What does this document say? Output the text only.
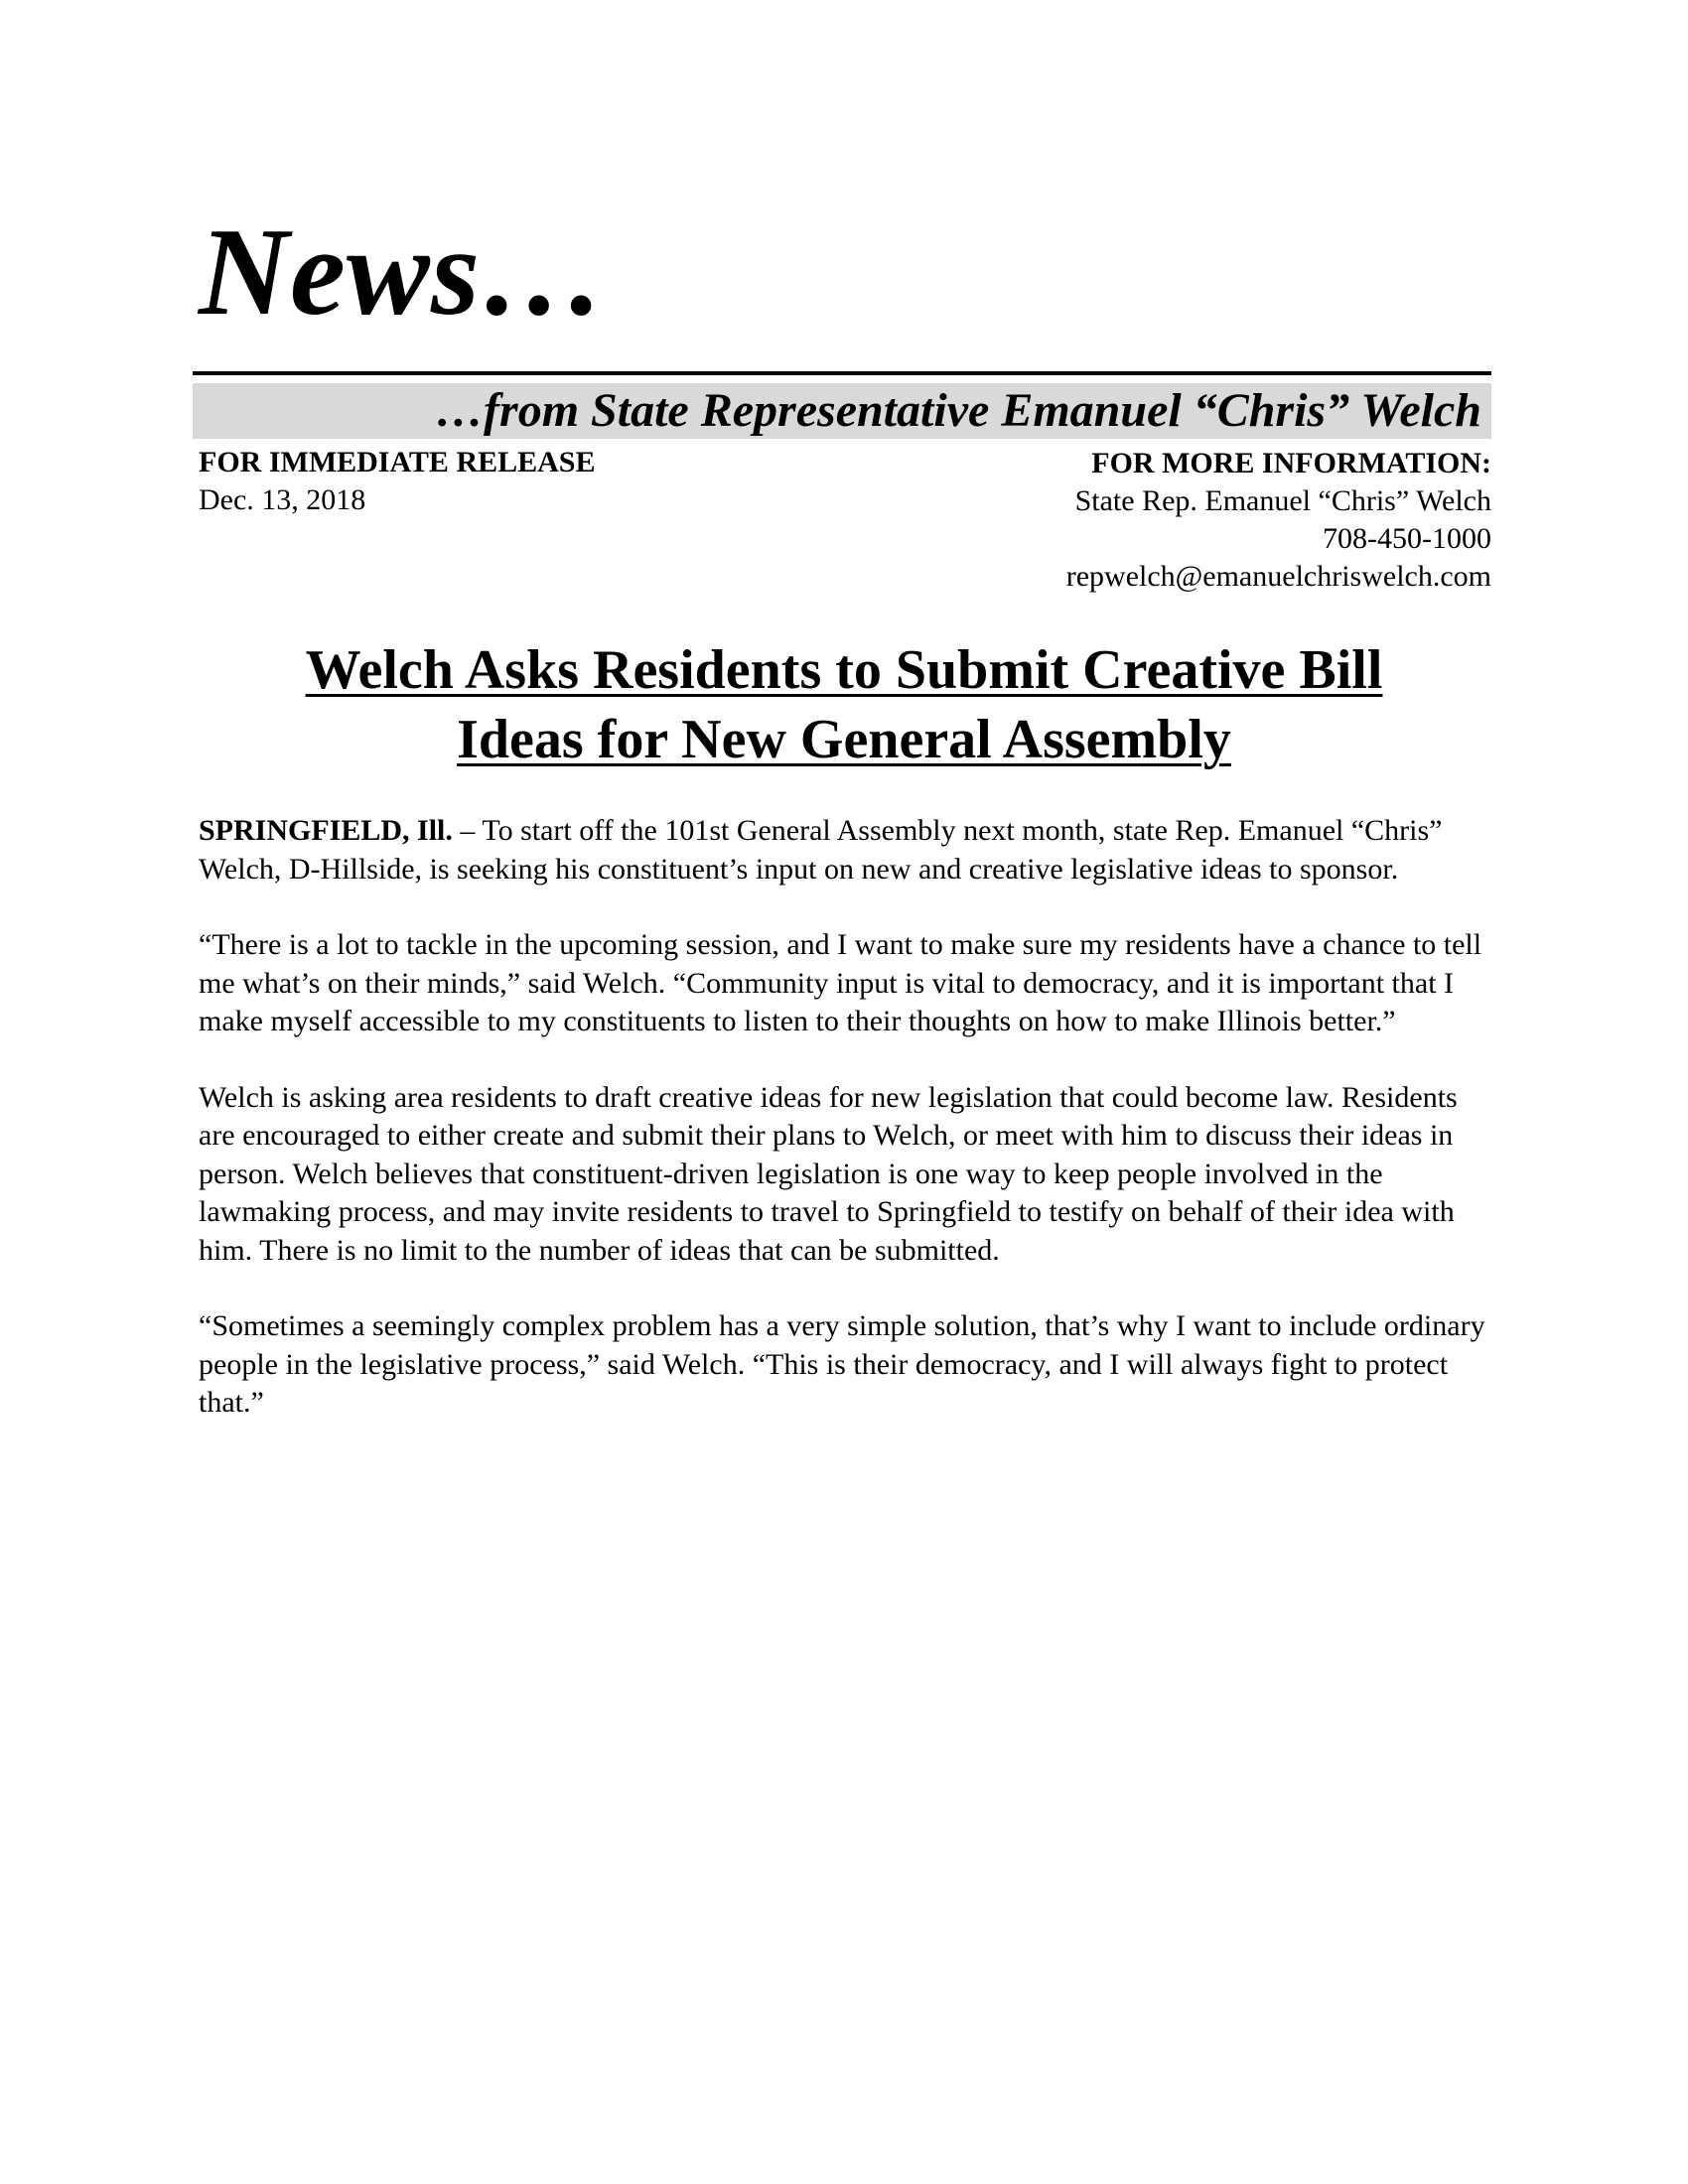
News…
…from State Representative Emanuel “Chris” Welch
FOR IMMEDIATE RELEASE
Dec. 13, 2018
FOR MORE INFORMATION:
State Rep. Emanuel “Chris” Welch
708-450-1000
repwelch@emanuelchriswelch.com
Welch Asks Residents to Submit Creative Bill
Ideas for New General Assembly

SPRINGFIELD, Ill. – To start off the 101st General Assembly next month, state Rep. Emanuel “Chris” Welch, D-Hillside, is seeking his constituent’s input on new and creative legislative ideas to sponsor.

“There is a lot to tackle in the upcoming session, and I want to make sure my residents have a chance to tell me what’s on their minds,” said Welch. “Community input is vital to democracy, and it is important that I make myself accessible to my constituents to listen to their thoughts on how to make Illinois better.”

Welch is asking area residents to draft creative ideas for new legislation that could become law. Residents are encouraged to either create and submit their plans to Welch, or meet with him to discuss their ideas in person. Welch believes that constituent-driven legislation is one way to keep people involved in the lawmaking process, and may invite residents to travel to Springfield to testify on behalf of their idea with him. There is no limit to the number of ideas that can be submitted.

“Sometimes a seemingly complex problem has a very simple solution, that’s why I want to include ordinary people in the legislative process,” said Welch. “This is their democracy, and I will always fight to protect that.”
